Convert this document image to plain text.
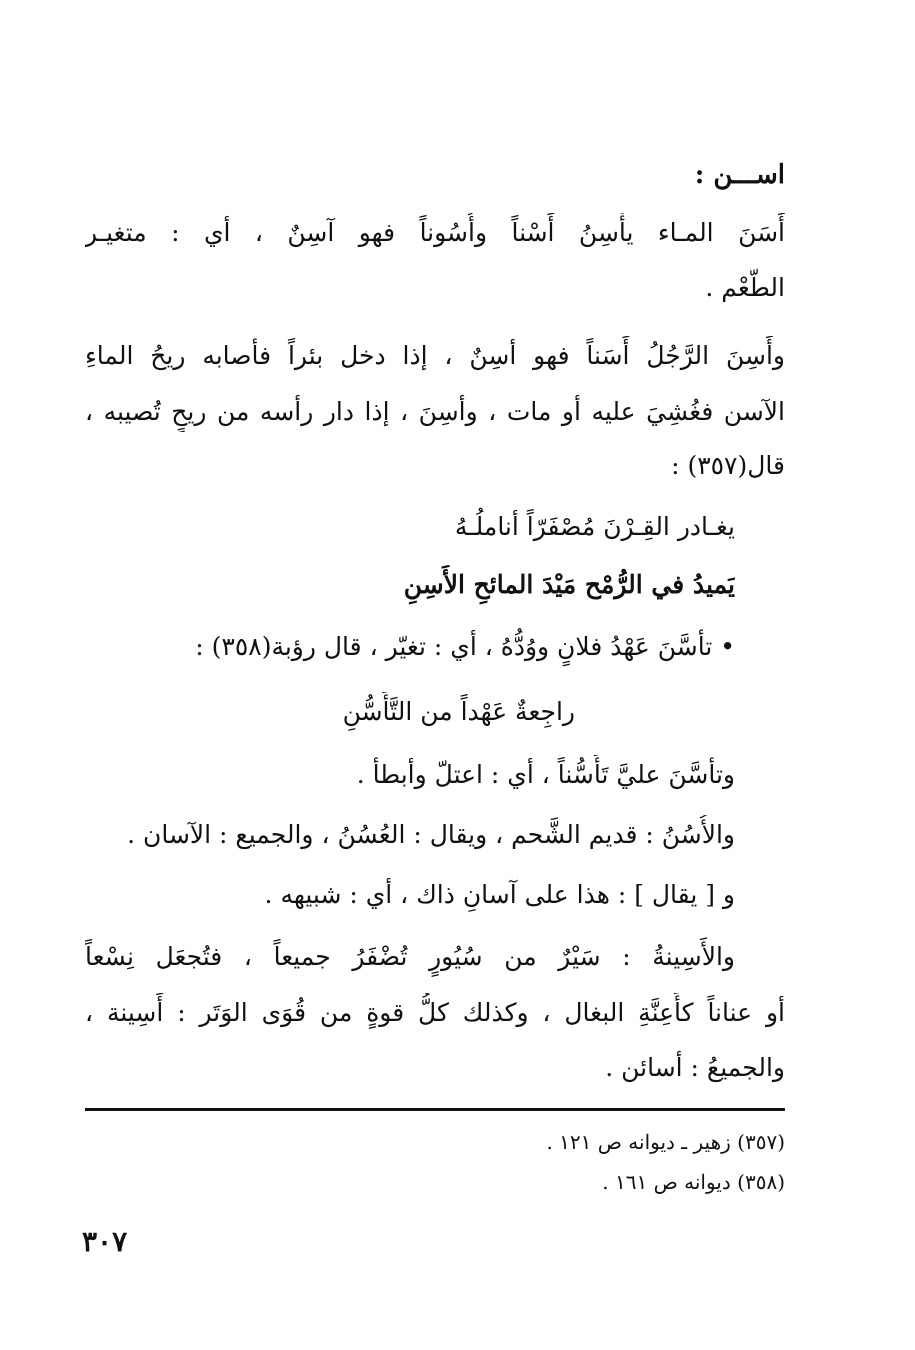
اســـن :
أَسَنَ المـاء يأْسِنُ أَسْناً وأُسُوناً فهو آسِنٌ ، أي : متغيـر
الطَّعْم .
وأَسِنَ الرَّجُلُ أَسَناً فهو أسِنٌ ، إذا دخل بئراً فأصابه ريحُ الماءِ
الآسن فغُشِيَ عليه أو مات ، وأسِنَ ، إذا دار رأسه من ريحٍ تُصيبه ،
قال(٣٥٧) :
يغـادر القِـرْنَ مُصْفَرّاً أناملُـهُ
يَميدُ في الرُّمْح مَيْدَ المائحِ الأَسِنِ
• تأسَّنَ عَهْدُ فلانٍ ووُدُّهُ ، أي : تغيّر ، قال رؤبة(٣٥٨) :
راجِعةٌ عَهْداً من التَّأَسُّنِ
وتأسَّنَ عليَّ تَأَسُّناً ، أي : اعتلّ وأبطأ .
والأُسُنُ : قديم الشَّحم ، ويقال : العُسُنُ ، والجميع : الآسان .
و [ يقال ] : هذا على آسانِ ذاك ، أي : شبيهه .
والأَسِينةُ : سَيْرٌ من سُيُورٍ تُضْفَرُ جميعاً ، فتُجعَل نِسْعاً
أو عناناً كأَعِنَّةِ البغال ، وكذلك كلُّ قوةٍ من قُوَى الوَتَر : أَسِينة ،
والجميعُ : أسائن .
(٣٥٧) زهير ـ ديوانه ص ١٢١ .
(٣٥٨) ديوانه ص ١٦١ .
٣٠٧
